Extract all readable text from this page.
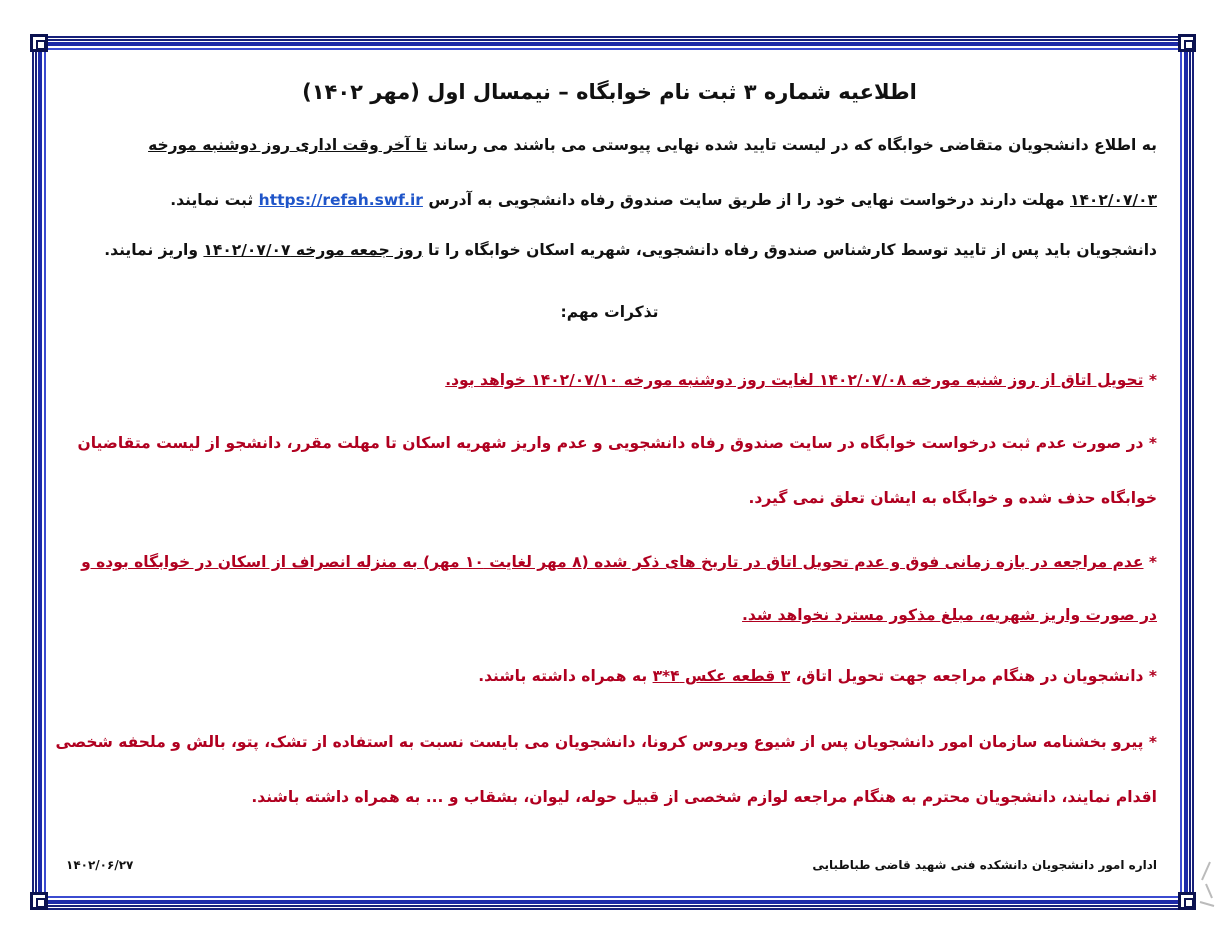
اطلاعیه شماره ۳ ثبت نام خوابگاه – نیمسال اول (مهر ۱۴۰۲)
به اطلاع دانشجویان متقاضی خوابگاه که در لیست تایید شده نهایی پیوستی می باشند می رساند تا آخر وقت اداری روز دوشنبه مورخه
۱۴۰۲/۰۷/۰۳ مهلت دارند درخواست نهایی خود را از طریق سایت صندوق رفاه دانشجویی به آدرس https://refah.swf.ir ثبت نمایند.
دانشجویان باید پس از تایید توسط کارشناس صندوق رفاه دانشجویی، شهریه اسکان خوابگاه را تا روز جمعه مورخه ۱۴۰۲/۰۷/۰۷ واریز نمایند.
تذکرات مهم:
* تحویل اتاق از روز شنبه مورخه ۱۴۰۲/۰۷/۰۸ لغایت روز دوشنبه مورخه ۱۴۰۲/۰۷/۱۰ خواهد بود.
* در صورت عدم ثبت درخواست خوابگاه در سایت صندوق رفاه دانشجویی و عدم واریز شهریه اسکان تا مهلت مقرر، دانشجو از لیست متقاضیان
خوابگاه حذف شده و خوابگاه به ایشان تعلق نمی گیرد.
* عدم مراجعه در بازه زمانی فوق و عدم تحویل اتاق در تاریخ های ذکر شده (۸ مهر لغایت ۱۰ مهر) به منزله انصراف از اسکان در خوابگاه بوده و
در صورت واریز شهریه، مبلغ مذکور مسترد نخواهد شد.
* دانشجویان در هنگام مراجعه جهت تحویل اتاق، ۳ قطعه عکس ۴*۳ به همراه داشته باشند.
* پیرو بخشنامه سازمان امور دانشجویان پس از شیوع ویروس کرونا، دانشجویان می بایست نسبت به استفاده از تشک، پتو، بالش و ملحفه شخصی
اقدام نمایند، دانشجویان محترم به هنگام مراجعه لوازم شخصی از قبیل حوله، لیوان، بشقاب و ... به همراه داشته باشند.
اداره امور دانشجویان دانشکده فنی شهید قاضی طباطبایی
۱۴۰۲/۰۶/۲۷
